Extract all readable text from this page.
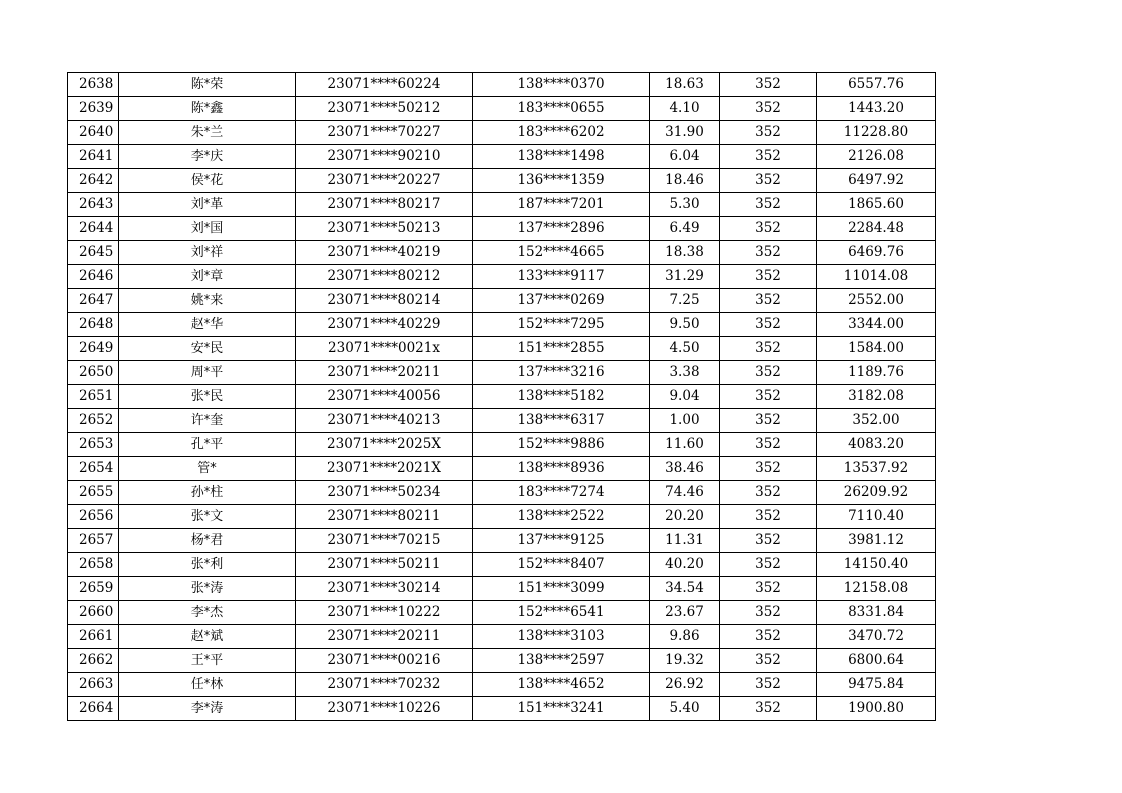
2638	陈*荣	23071****60224	138****0370	18.63	352	6557.76
2639	陈*鑫	23071****50212	183****0655	4.10	352	1443.20
2640	朱*兰	23071****70227	183****6202	31.90	352	11228.80
2641	李*庆	23071****90210	138****1498	6.04	352	2126.08
2642	侯*花	23071****20227	136****1359	18.46	352	6497.92
2643	刘*革	23071****80217	187****7201	5.30	352	1865.60
2644	刘*国	23071****50213	137****2896	6.49	352	2284.48
2645	刘*祥	23071****40219	152****4665	18.38	352	6469.76
2646	刘*章	23071****80212	133****9117	31.29	352	11014.08
2647	姚*来	23071****80214	137****0269	7.25	352	2552.00
2648	赵*华	23071****40229	152****7295	9.50	352	3344.00
2649	安*民	23071****0021x	151****2855	4.50	352	1584.00
2650	周*平	23071****20211	137****3216	3.38	352	1189.76
2651	张*民	23071****40056	138****5182	9.04	352	3182.08
2652	许*奎	23071****40213	138****6317	1.00	352	352.00
2653	孔*平	23071****2025X	152****9886	11.60	352	4083.20
2654	管*	23071****2021X	138****8936	38.46	352	13537.92
2655	孙*柱	23071****50234	183****7274	74.46	352	26209.92
2656	张*文	23071****80211	138****2522	20.20	352	7110.40
2657	杨*君	23071****70215	137****9125	11.31	352	3981.12
2658	张*利	23071****50211	152****8407	40.20	352	14150.40
2659	张*涛	23071****30214	151****3099	34.54	352	12158.08
2660	李*杰	23071****10222	152****6541	23.67	352	8331.84
2661	赵*斌	23071****20211	138****3103	9.86	352	3470.72
2662	王*平	23071****00216	138****2597	19.32	352	6800.64
2663	任*林	23071****70232	138****4652	26.92	352	9475.84
2664	李*涛	23071****10226	151****3241	5.40	352	1900.80
